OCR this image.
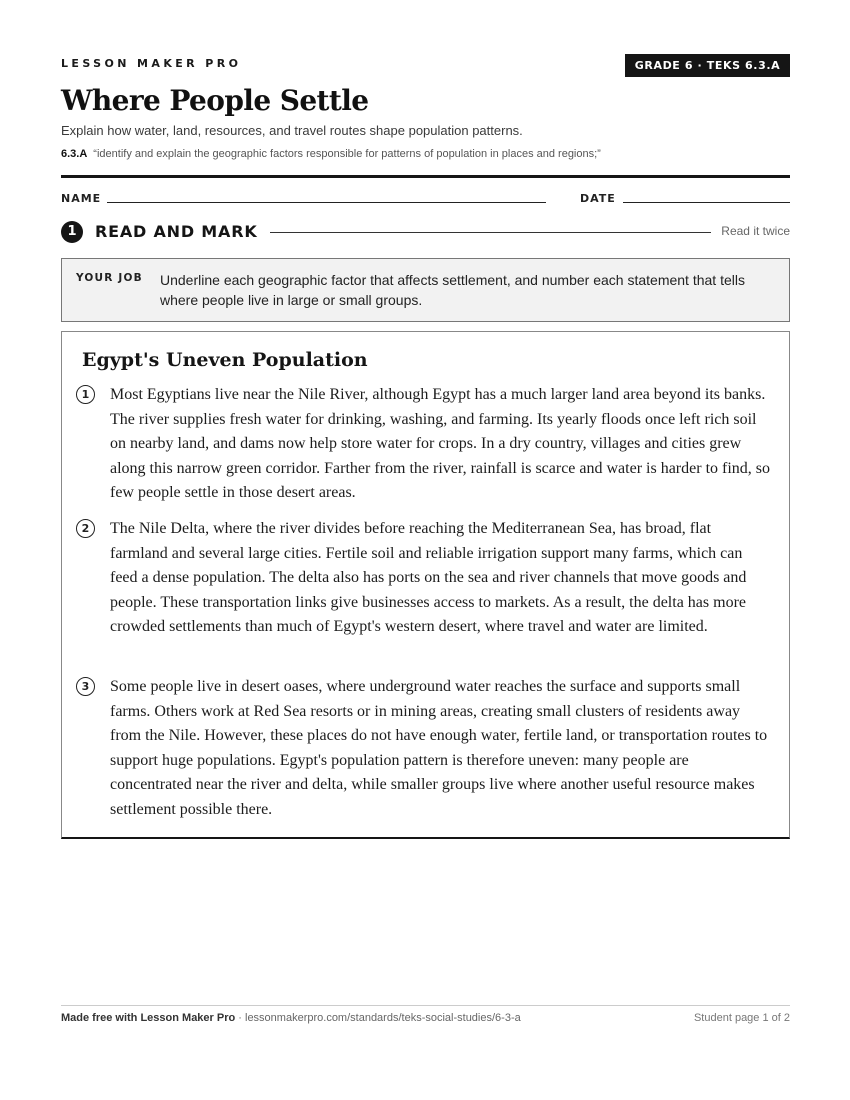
LESSON MAKER PRO	GRADE 6 · TEKS 6.3.A
Where People Settle
Explain how water, land, resources, and travel routes shape population patterns.
6.3.A “identify and explain the geographic factors responsible for patterns of population in places and regions;”
NAME	DATE
1	READ AND MARK	Read it twice
YOUR JOB Underline each geographic factor that affects settlement, and number each statement that tells where people live in large or small groups.
Egypt's Uneven Population
1	Most Egyptians live near the Nile River, although Egypt has a much larger land area beyond its banks. The river supplies fresh water for drinking, washing, and farming. Its yearly floods once left rich soil on nearby land, and dams now help store water for crops. In a dry country, villages and cities grew along this narrow green corridor. Farther from the river, rainfall is scarce and water is harder to find, so few people settle in those desert areas.
2	The Nile Delta, where the river divides before reaching the Mediterranean Sea, has broad, flat farmland and several large cities. Fertile soil and reliable irrigation support many farms, which can feed a dense population. The delta also has ports on the sea and river channels that move goods and people. These transportation links give businesses access to markets. As a result, the delta has more crowded settlements than much of Egypt's western desert, where travel and water are limited.
3	Some people live in desert oases, where underground water reaches the surface and supports small farms. Others work at Red Sea resorts or in mining areas, creating small clusters of residents away from the Nile. However, these places do not have enough water, fertile land, or transportation routes to support huge populations. Egypt's population pattern is therefore uneven: many people are concentrated near the river and delta, while smaller groups live where another useful resource makes settlement possible there.
Made free with Lesson Maker Pro · lessonmakerpro.com/standards/teks-social-studies/6-3-a	Student page 1 of 2
